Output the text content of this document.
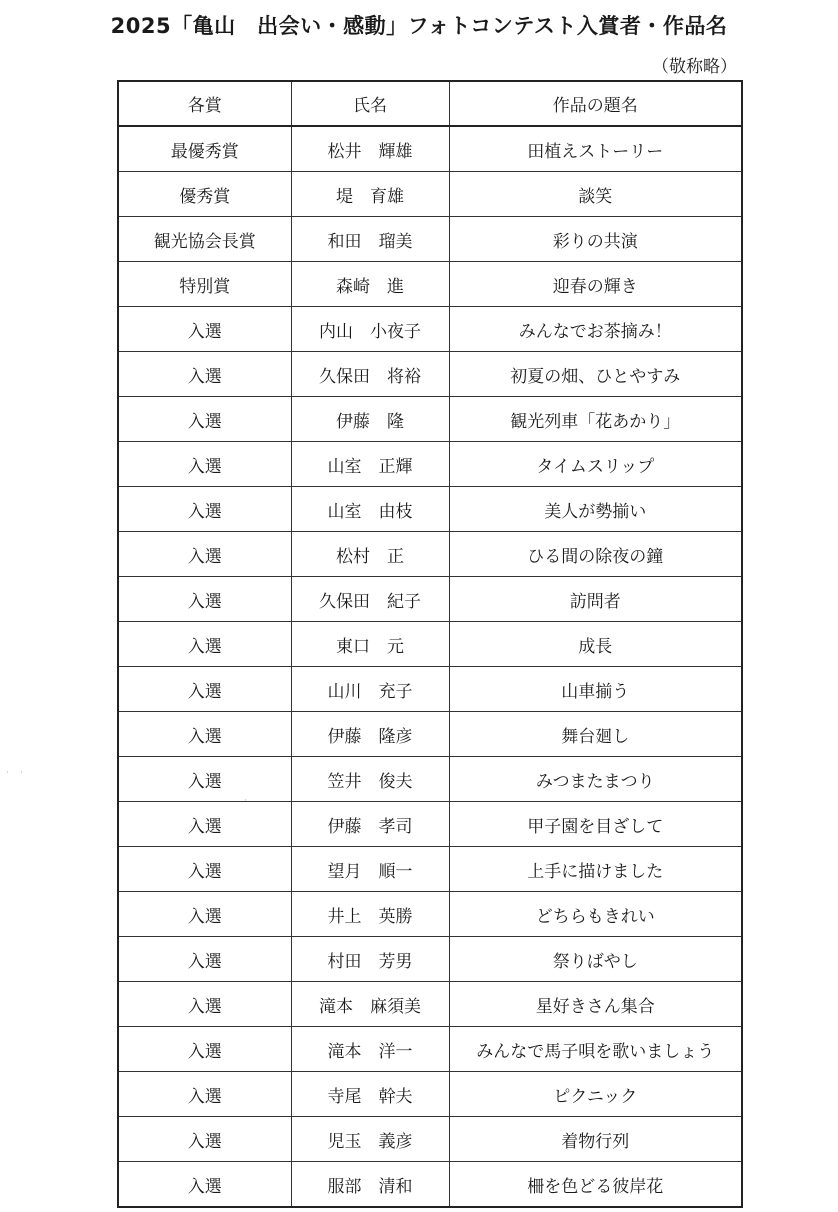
2025「亀山　出会い・感動」フォトコンテスト入賞者・作品名
（敬称略）
· ·
·
各賞	氏名	作品の題名
最優秀賞	松井　輝雄	田植えストーリー
優秀賞	堤　育雄	談笑
観光協会長賞	和田　瑠美	彩りの共演
特別賞	森崎　進	迎春の輝き
入選	内山　小夜子	みんなでお茶摘み！
入選	久保田　将裕	初夏の畑、ひとやすみ
入選	伊藤　隆	観光列車「花あかり」
入選	山室　正輝	タイムスリップ
入選	山室　由枝	美人が勢揃い
入選	松村　正	ひる間の除夜の鐘
入選	久保田　紀子	訪問者
入選	東口　元	成長
入選	山川　充子	山車揃う
入選	伊藤　隆彦	舞台廻し
入選	笠井　俊夫	みつまたまつり
入選	伊藤　孝司	甲子園を目ざして
入選	望月　順一	上手に描けました
入選	井上　英勝	どちらもきれい
入選	村田　芳男	祭りばやし
入選	滝本　麻須美	星好きさん集合
入選	滝本　洋一	みんなで馬子唄を歌いましょう
入選	寺尾　幹夫	ピクニック
入選	児玉　義彦	着物行列
入選	服部　清和	柵を色どる彼岸花
